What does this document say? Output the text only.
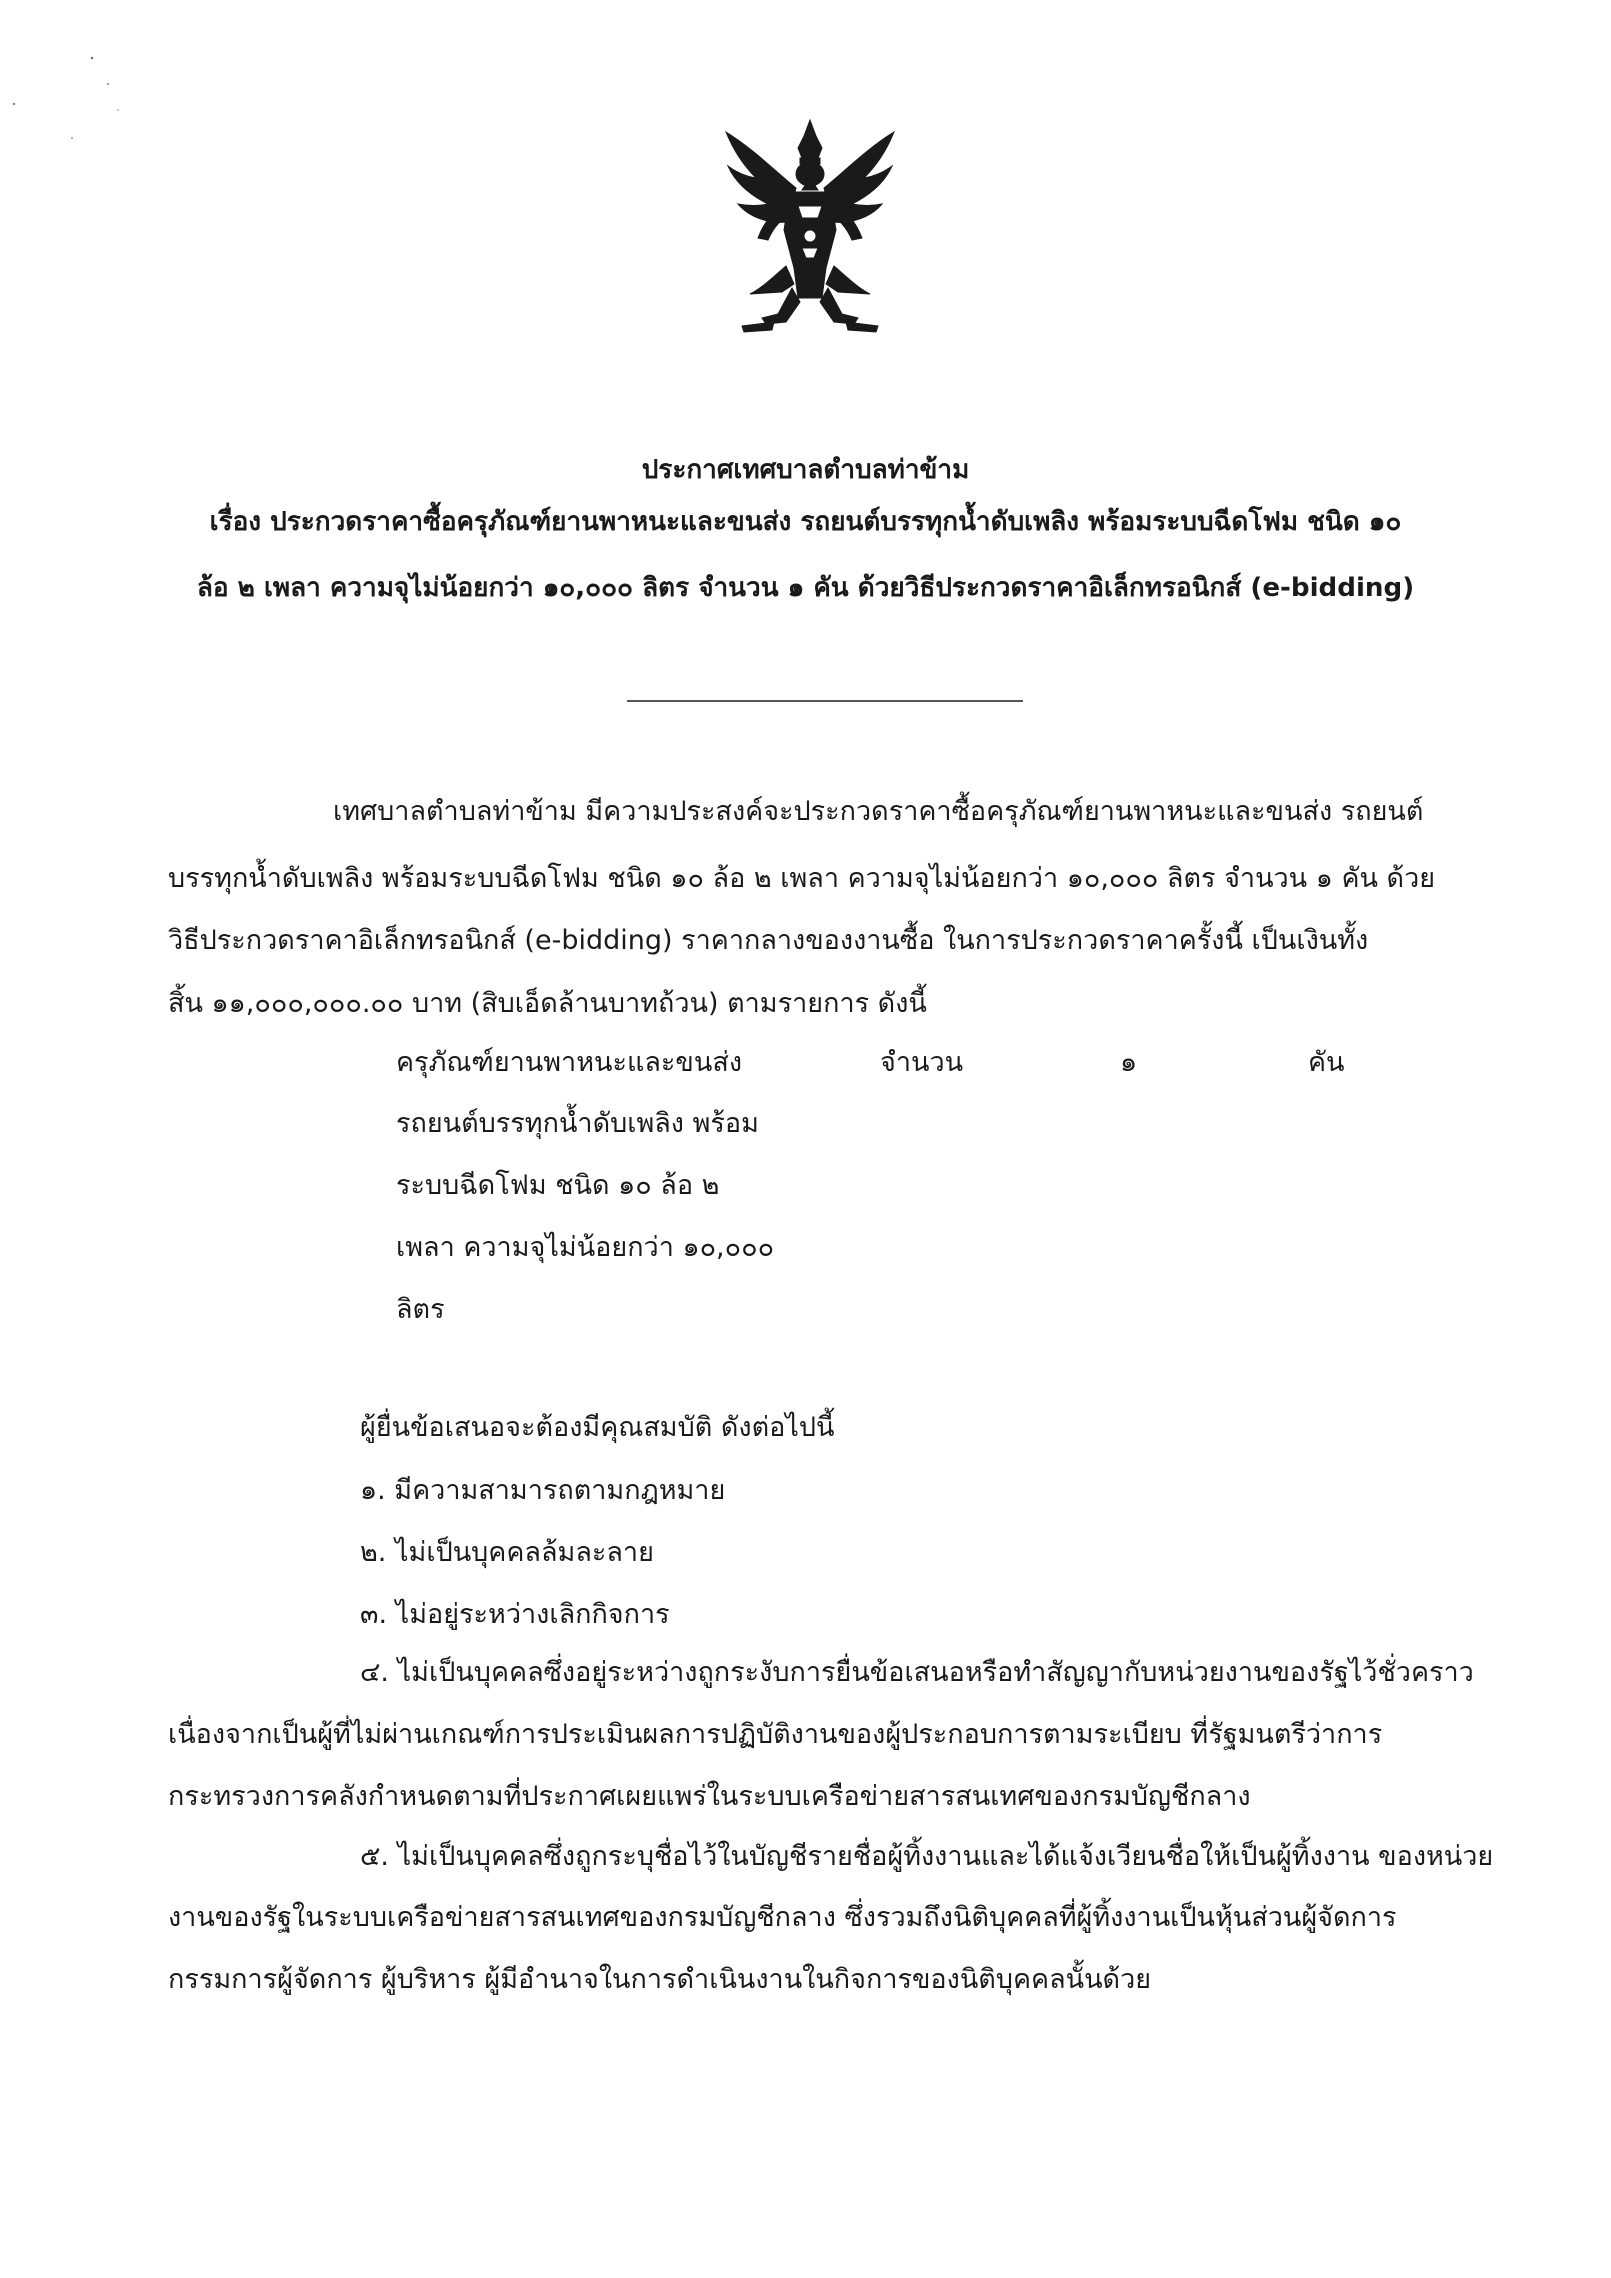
ประกาศเทศบาลตำบลท่าข้าม
เรื่อง ประกวดราคาซื้อครุภัณฑ์ยานพาหนะและขนส่ง รถยนต์บรรทุกน้ำดับเพลิง พร้อมระบบฉีดโฟม ชนิด ๑๐
ล้อ ๒ เพลา ความจุไม่น้อยกว่า ๑๐,๐๐๐ ลิตร จำนวน ๑ คัน ด้วยวิธีประกวดราคาอิเล็กทรอนิกส์ (e-bidding)
เทศบาลตำบลท่าข้าม มีความประสงค์จะประกวดราคาซื้อครุภัณฑ์ยานพาหนะและขนส่ง รถยนต์
บรรทุกน้ำดับเพลิง พร้อมระบบฉีดโฟม ชนิด ๑๐ ล้อ ๒ เพลา ความจุไม่น้อยกว่า ๑๐,๐๐๐ ลิตร จำนวน ๑ คัน ด้วย
วิธีประกวดราคาอิเล็กทรอนิกส์ (e-bidding) ราคากลางของงานซื้อ ในการประกวดราคาครั้งนี้ เป็นเงินทั้ง
สิ้น ๑๑,๐๐๐,๐๐๐.๐๐ บาท (สิบเอ็ดล้านบาทถ้วน) ตามรายการ ดังนี้
ครุภัณฑ์ยานพาหนะและขนส่ง
รถยนต์บรรทุกน้ำดับเพลิง พร้อม
ระบบฉีดโฟม ชนิด ๑๐ ล้อ ๒
เพลา ความจุไม่น้อยกว่า ๑๐,๐๐๐
ลิตร
จำนวน	๑	คัน
ผู้ยื่นข้อเสนอจะต้องมีคุณสมบัติ ดังต่อไปนี้
๑. มีความสามารถตามกฎหมาย
๒. ไม่เป็นบุคคลล้มละลาย
๓. ไม่อยู่ระหว่างเลิกกิจการ
๔. ไม่เป็นบุคคลซึ่งอยู่ระหว่างถูกระงับการยื่นข้อเสนอหรือทำสัญญากับหน่วยงานของรัฐไว้ชั่วคราว
เนื่องจากเป็นผู้ที่ไม่ผ่านเกณฑ์การประเมินผลการปฏิบัติงานของผู้ประกอบการตามระเบียบ ที่รัฐมนตรีว่าการ
กระทรวงการคลังกำหนดตามที่ประกาศเผยแพร่ในระบบเครือข่ายสารสนเทศของกรมบัญชีกลาง
๕. ไม่เป็นบุคคลซึ่งถูกระบุชื่อไว้ในบัญชีรายชื่อผู้ทิ้งงานและได้แจ้งเวียนชื่อให้เป็นผู้ทิ้งงาน ของหน่วย
งานของรัฐในระบบเครือข่ายสารสนเทศของกรมบัญชีกลาง ซึ่งรวมถึงนิติบุคคลที่ผู้ทิ้งงานเป็นหุ้นส่วนผู้จัดการ
กรรมการผู้จัดการ ผู้บริหาร ผู้มีอำนาจในการดำเนินงานในกิจการของนิติบุคคลนั้นด้วย
